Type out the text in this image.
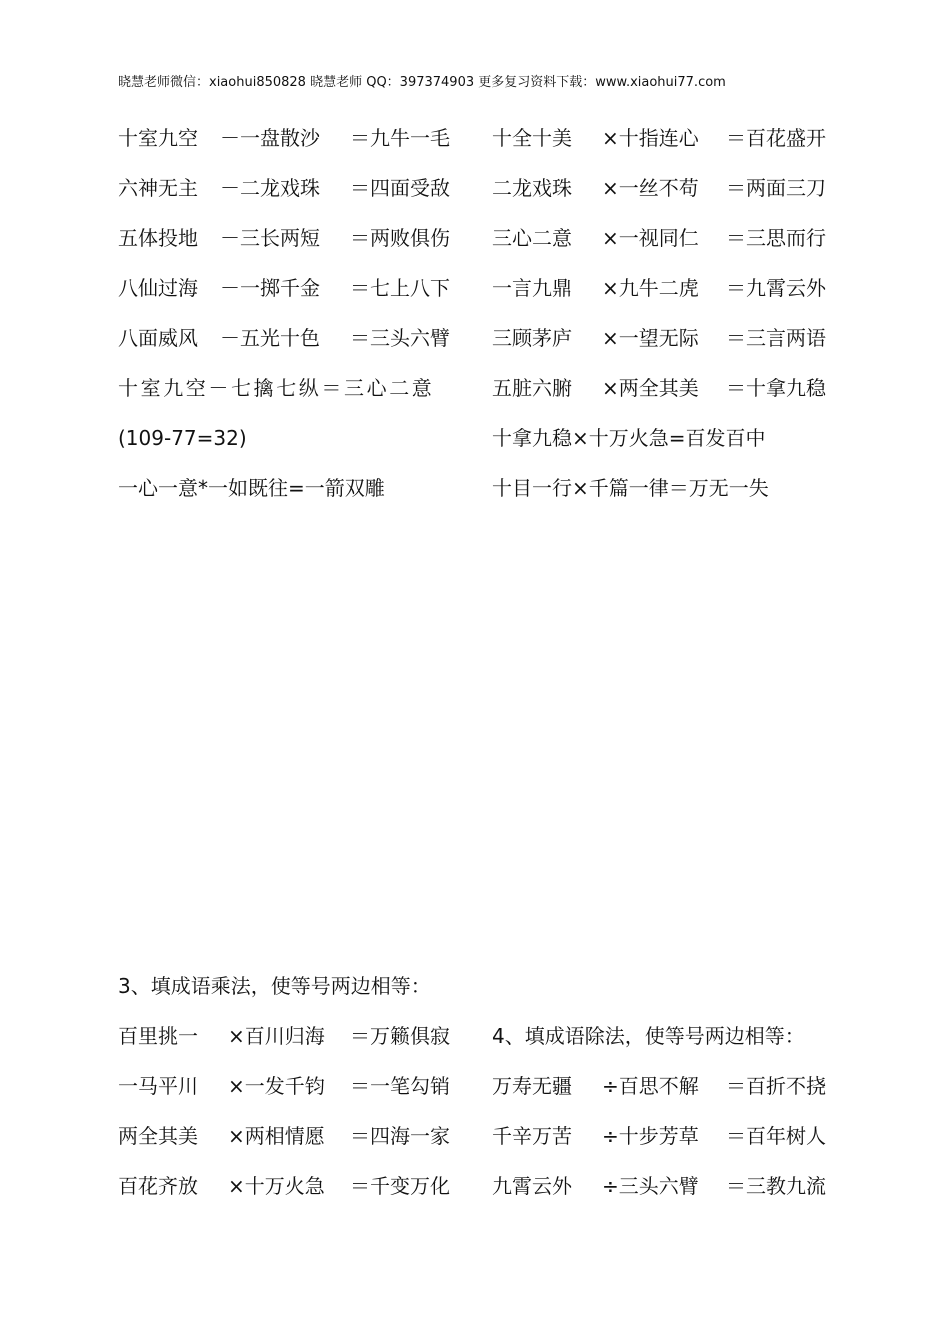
晓慧老师微信：xiaohui850828 晓慧老师 QQ：397374903 更多复习资料下载：www.xiaohui77.com
十室九空 －一盘散沙 ＝九牛一毛 十全十美 ×十指连心 ＝百花盛开
六神无主 －二龙戏珠 ＝四面受敌 二龙戏珠 ×一丝不苟 ＝两面三刀
五体投地 －三长两短 ＝两败俱伤 三心二意 ×一视同仁 ＝三思而行
八仙过海 －一掷千金 ＝七上八下 一言九鼎 ×九牛二虎 ＝九霄云外
八面威风 －五光十色 ＝三头六臂 三顾茅庐 ×一望无际 ＝三言两语
十室九空－七擒七纵＝三心二意	五脏六腑 ×两全其美 ＝十拿九稳
(109-77=32)	十拿九稳×十万火急=百发百中
一心一意*一如既往=一箭双雕	十目一行×千篇一律＝万无一失
3、填成语乘法，使等号两边相等：
百里挑一 ×百川归海 ＝万籁俱寂 4、填成语除法，使等号两边相等：
一马平川 ×一发千钧 ＝一笔勾销 万寿无疆 ÷百思不解 ＝百折不挠
两全其美 ×两相情愿 ＝四海一家 千辛万苦 ÷十步芳草 ＝百年树人
百花齐放 ×十万火急 ＝千变万化 九霄云外 ÷三头六臂 ＝三教九流
